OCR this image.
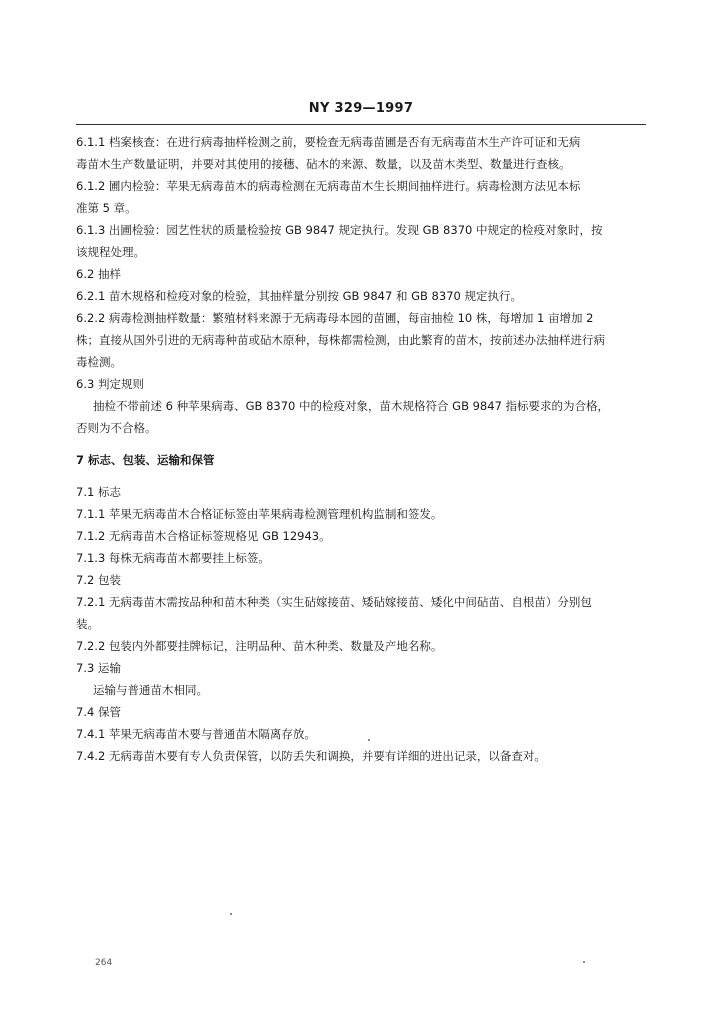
NY 329—1997
6.1.1 档案核查：在进行病毒抽样检测之前，要检查无病毒苗圃是否有无病毒苗木生产许可证和无病
毒苗木生产数量证明，并要对其使用的接穗、砧木的来源、数量，以及苗木类型、数量进行查核。
6.1.2 圃内检验：苹果无病毒苗木的病毒检测在无病毒苗木生长期间抽样进行。病毒检测方法见本标
准第 5 章。
6.1.3 出圃检验：园艺性状的质量检验按 GB 9847 规定执行。发现 GB 8370 中规定的检疫对象时，按
该规程处理。
6.2 抽样
6.2.1 苗木规格和检疫对象的检验，其抽样量分别按 GB 9847 和 GB 8370 规定执行。
6.2.2 病毒检测抽样数量：繁殖材料来源于无病毒母本园的苗圃，每亩抽检 10 株，每增加 1 亩增加 2
株；直接从国外引进的无病毒种苗或砧木原种，每株都需检测，由此繁育的苗木，按前述办法抽样进行病
毒检测。
6.3 判定规则
抽检不带前述 6 种苹果病毒、GB 8370 中的检疫对象，苗木规格符合 GB 9847 指标要求的为合格，
否则为不合格。
7 标志、包装、运输和保管
7.1 标志
7.1.1 苹果无病毒苗木合格证标签由苹果病毒检测管理机构监制和签发。
7.1.2 无病毒苗木合格证标签规格见 GB 12943。
7.1.3 每株无病毒苗木都要挂上标签。
7.2 包装
7.2.1 无病毒苗木需按品种和苗木种类（实生砧嫁接苗、矮砧嫁接苗、矮化中间砧苗、自根苗）分别包
装。
7.2.2 包装内外都要挂牌标记，注明品种、苗木种类、数量及产地名称。
7.3 运输
运输与普通苗木相同。
7.4 保管
7.4.1 苹果无病毒苗木要与普通苗木隔离存放。
7.4.2 无病毒苗木要有专人负责保管，以防丢失和调换，并要有详细的进出记录，以备查对。
264
